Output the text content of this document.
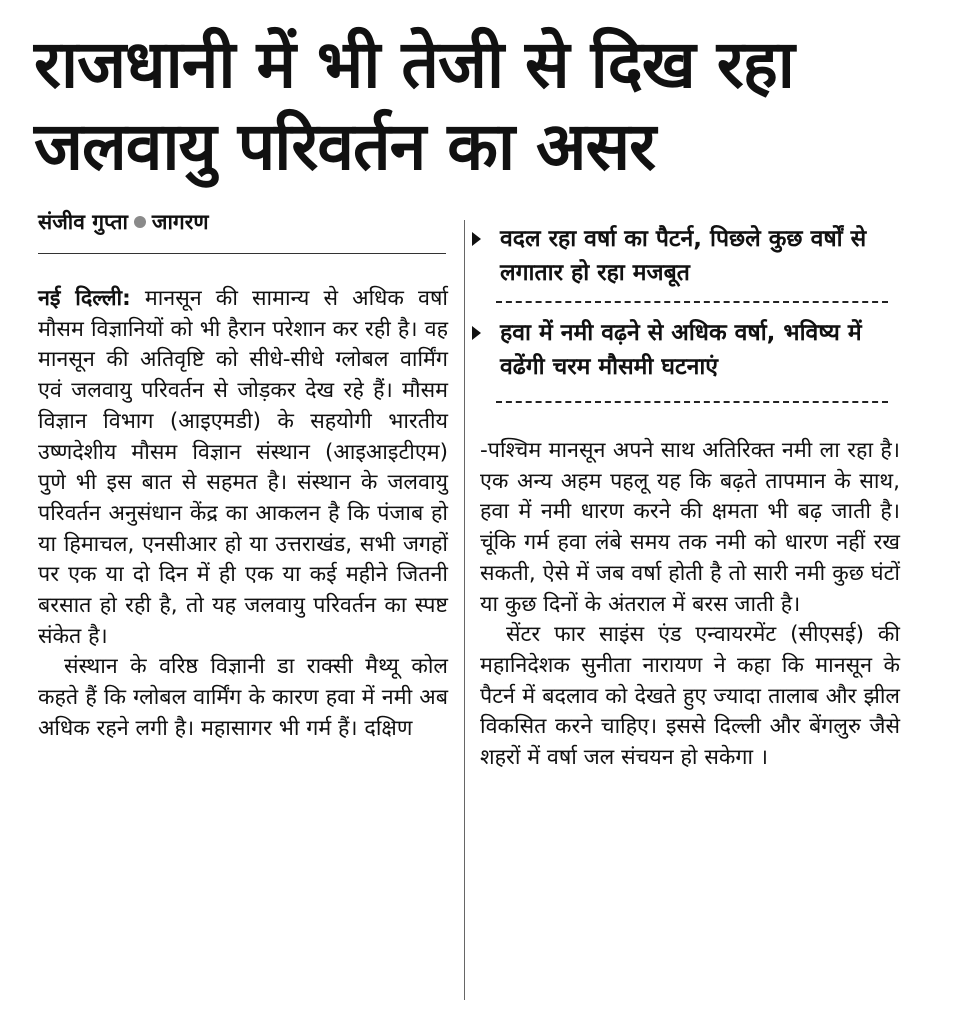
राजधानी में भी तेजी से दिख रहा
जलवायु परिवर्तन का असर
संजीव गुप्ता जागरण
वदल रहा वर्षा का पैटर्न, पिछले कुछ वर्षों से लगातार हो रहा मजबूत
हवा में नमी वढ़ने से अधिक वर्षा, भविष्य में वढेंगी चरम मौसमी घटनाएं

नई दिल्ली: मानसून की सामान्य से अधिक वर्षा मौसम विज्ञानियों को भी हैरान परेशान कर रही है। वह मानसून की अतिवृष्टि को सीधे-सीधे ग्लोबल वार्मिंग एवं जलवायु परिवर्तन से जोड़कर देख रहे हैं। मौसम विज्ञान विभाग (आइएमडी) के सहयोगी भारतीय उष्णदेशीय मौसम विज्ञान संस्थान (आइआइटीएम) पुणे भी इस बात से सहमत है। संस्थान के जलवायु परिवर्तन अनुसंधान केंद्र का आकलन है कि पंजाब हो या हिमाचल, एनसीआर हो या उत्तराखंड, सभी जगहों पर एक या दो दिन में ही एक या कई महीने जितनी बरसात हो रही है, तो यह जलवायु परिवर्तन का स्पष्ट संकेत है।

संस्थान के वरिष्ठ विज्ञानी डा राक्सी मैथ्यू कोल कहते हैं कि ग्लोबल वार्मिंग के कारण हवा में नमी अब अधिक रहने लगी है। महासागर भी गर्म हैं। दक्षिण

-पश्चिम मानसून अपने साथ अतिरिक्त नमी ला रहा है। एक अन्य अहम पहलू यह कि बढ़ते तापमान के साथ, हवा में नमी धारण करने की क्षमता भी बढ़ जाती है। चूंकि गर्म हवा लंबे समय तक नमी को धारण नहीं रख सकती, ऐसे में जब वर्षा होती है तो सारी नमी कुछ घंटों या कुछ दिनों के अंतराल में बरस जाती है।

सेंटर फार साइंस एंड एन्वायरमेंट (सीएसई) की महानिदेशक सुनीता नारायण ने कहा कि मानसून के पैटर्न में बदलाव को देखते हुए ज्यादा तालाब और झील विकसित करने चाहिए। इससे दिल्ली और बेंगलुरु जैसे शहरों में वर्षा जल संचयन हो सकेगा ।
